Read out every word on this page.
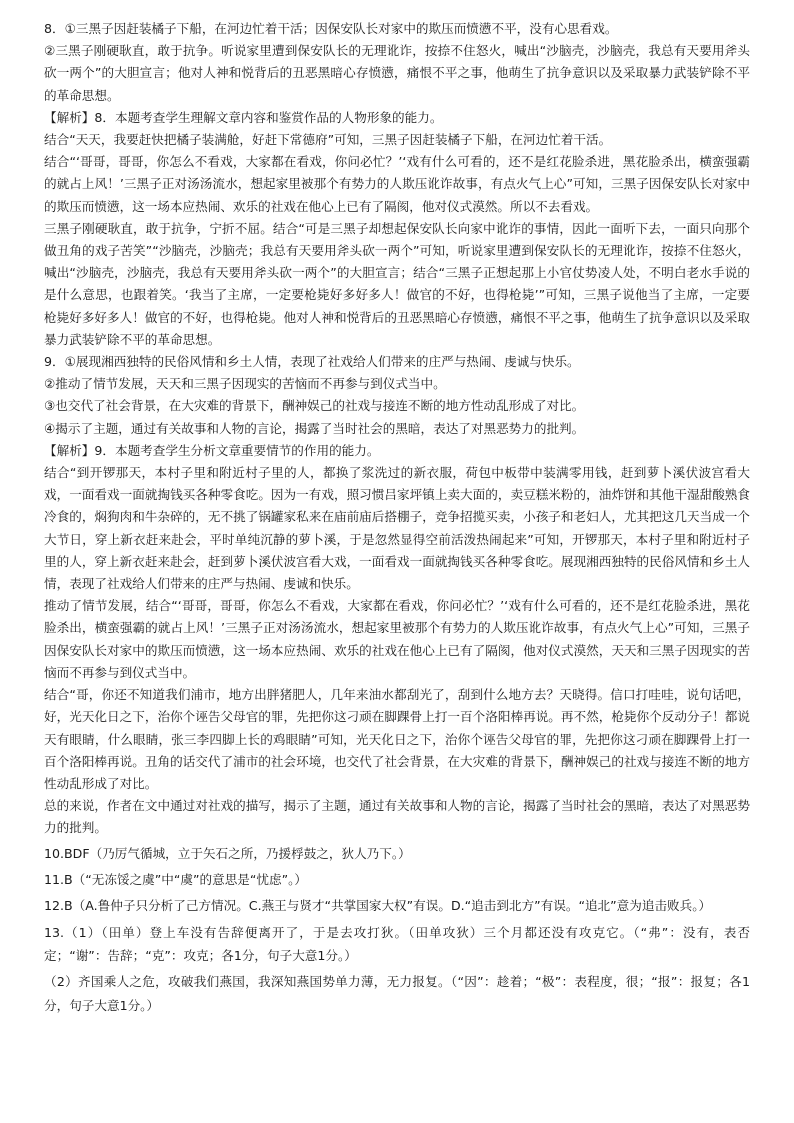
8．①三黑子因赶装橘子下船，在河边忙着干活；因保安队长对家中的欺压而愤懑不平，没有心思看戏。

②三黑子刚硬耿直，敢于抗争。听说家里遭到保安队长的无理讹诈，按捺不住怒火，喊出“沙脑壳，沙脑壳，我总有天要用斧头砍一两个”的大胆宣言；他对人神和悦背后的丑恶黑暗心存愤懑，痛恨不平之事，他萌生了抗争意识以及采取暴力武装铲除不平的革命思想。

【解析】8．本题考查学生理解文章内容和鉴赏作品的人物形象的能力。

结合“天天，我要赶快把橘子装满舱，好赶下常德府”可知，三黑子因赶装橘子下船，在河边忙着干活。

结合“‘哥哥，哥哥，你怎么不看戏，大家都在看戏，你问必忙？’‘戏有什么可看的，还不是红花脸杀进，黑花脸杀出，横蛮强霸的就占上风！’三黑子正对汤汤流水，想起家里被那个有势力的人欺压讹诈故事，有点火气上心”可知，三黑子因保安队长对家中的欺压而愤懑，这一场本应热闹、欢乐的社戏在他心上已有了隔阂，他对仪式漠然。所以不去看戏。

三黑子刚硬耿直，敢于抗争，宁折不屈。结合“可是三黑子却想起保安队长向家中讹诈的事情，因此一面听下去，一面只向那个做丑角的戏子苦笑”“沙脑壳，沙脑壳；我总有天要用斧头砍一两个”可知，听说家里遭到保安队长的无理讹诈，按捺不住怒火，喊出“沙脑壳，沙脑壳，我总有天要用斧头砍一两个”的大胆宣言；结合“三黑子正想起那上小官仗势凌人处，不明白老水手说的是什么意思，也跟着笑。‘我当了主席，一定要枪毙好多好多人！做官的不好，也得枪毙’”可知，三黑子说他当了主席，一定要枪毙好多好多人！做官的不好，也得枪毙。他对人神和悦背后的丑恶黑暗心存愤懑，痛恨不平之事，他萌生了抗争意识以及采取暴力武装铲除不平的革命思想。

9．①展现湘西独特的民俗风情和乡土人情，表现了社戏给人们带来的庄严与热闹、虔诚与快乐。

②推动了情节发展，天天和三黑子因现实的苦恼而不再参与到仪式当中。

③也交代了社会背景，在大灾难的背景下，酬神娱己的社戏与接连不断的地方性动乱形成了对比。

④揭示了主题，通过有关故事和人物的言论，揭露了当时社会的黑暗，表达了对黑恶势力的批判。

【解析】9．本题考查学生分析文章重要情节的作用的能力。

结合“到开锣那天，本村子里和附近村子里的人，都换了浆洗过的新衣服，荷包中板带中装满零用钱，赶到萝卜溪伏波宫看大戏，一面看戏一面就掏钱买各种零食吃。因为一有戏，照习惯吕家坪镇上卖大面的，卖豆糕米粉的，油炸饼和其他干湿甜酸熟食冷食的，焖狗肉和牛杂碎的，无不挑了锅罐家私来在庙前庙后搭棚子，竞争招揽买卖，小孩子和老妇人，尤其把这几天当成一个大节日，穿上新衣赶来赴会，平时单纯沉静的萝卜溪，于是忽然显得空前活泼热闹起来”可知，开锣那天，本村子里和附近村子里的人，穿上新衣赶来赴会，赶到萝卜溪伏波宫看大戏，一面看戏一面就掏钱买各种零食吃。展现湘西独特的民俗风情和乡土人情，表现了社戏给人们带来的庄严与热闹、虔诚和快乐。

推动了情节发展，结合“‘哥哥，哥哥，你怎么不看戏，大家都在看戏，你问必忙？’‘戏有什么可看的，还不是红花脸杀进，黑花脸杀出，横蛮强霸的就占上风！’三黑子正对汤汤流水，想起家里被那个有势力的人欺压讹诈故事，有点火气上心”可知，三黑子因保安队长对家中的欺压而愤懑，这一场本应热闹、欢乐的社戏在他心上已有了隔阂，他对仪式漠然，天天和三黑子因现实的苦恼而不再参与到仪式当中。

结合“哥，你还不知道我们浦市，地方出胖猪肥人，几年来油水都刮光了，刮到什么地方去？天晓得。信口打哇哇，说句话吧，好，光天化日之下，治你个诬告父母官的罪，先把你这刁顽在脚踝骨上打一百个洛阳棒再说。再不然，枪毙你个反动分子！都说天有眼睛，什么眼睛，张三李四脚上长的鸡眼睛”可知，光天化日之下，治你个诬告父母官的罪，先把你这刁顽在脚踝骨上打一百个洛阳棒再说。丑角的话交代了浦市的社会环境，也交代了社会背景，在大灾难的背景下，酬神娱己的社戏与接连不断的地方性动乱形成了对比。

总的来说，作者在文中通过对社戏的描写，揭示了主题，通过有关故事和人物的言论，揭露了当时社会的黑暗，表达了对黑恶势力的批判。

10.BDF（乃厉气循城，立于矢石之所，乃援桴鼓之，狄人乃下。）

11.B（“无冻馁之虞”中“虞”的意思是“忧虑”。）

12.B（A.鲁仲子只分析了己方情况。C.燕王与贤才“共掌国家大权”有误。D.“追击到北方”有误。“追北”意为追击败兵。）

13.（1）（田单）登上车没有告辞便离开了，于是去攻打狄。（田单攻狄）三个月都还没有攻克它。（“弗”：没有，表否定；“谢”：告辞；“克”：攻克；各1分，句子大意1分。）

（2）齐国乘人之危，攻破我们燕国，我深知燕国势单力薄，无力报复。（“因”：趁着；“极”：表程度，很；“报”：报复；各1分，句子大意1分。）
